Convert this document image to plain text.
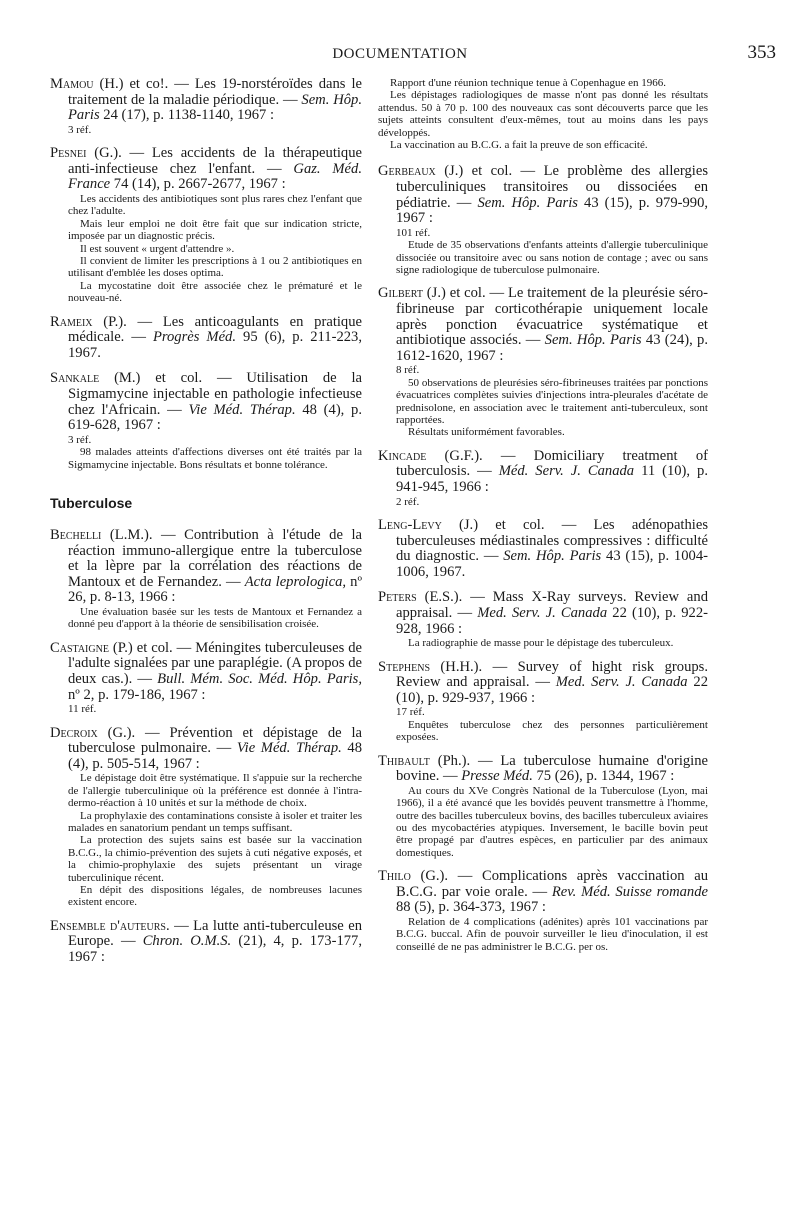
DOCUMENTATION	353
Mamou (H.) et co!. — Les 19-norstéroïdes dans le traitement de la maladie périodique. — Sem. Hôp. Paris 24 (17), p. 1138-1140, 1967 :

3 réf.

Pesnei (G.). — Les accidents de la thérapeutique anti-infectieuse chez l'enfant. — Gaz. Méd. France 74 (14), p. 2667-2677, 1967 :

Les accidents des antibiotiques sont plus rares chez l'enfant que chez l'adulte.

Mais leur emploi ne doit être fait que sur indication stricte, imposée par un diagnostic précis.

Il est souvent « urgent d'attendre ».

Il convient de limiter les prescriptions à 1 ou 2 antibiotiques en utilisant d'emblée les doses optima.

La mycostatine doit être associée chez le prématuré et le nouveau-né.

Rameix (P.). — Les anticoagulants en pratique médicale. — Progrès Méd. 95 (6), p. 211-223, 1967.
Sankale (M.) et col. — Utilisation de la Sigmamycine injectable en pathologie infectieuse chez l'Africain. — Vie Méd. Thérap. 48 (4), p. 619-628, 1967 :

3 réf.

98 malades atteints d'affections diverses ont été traités par la Sigmamycine injectable. Bons résultats et bonne tolérance.

Tuberculose
Bechelli (L.M.). — Contribution à l'étude de la réaction immuno-allergique entre la tuberculose et la lèpre par la corrélation des réactions de Mantoux et de Fernandez. — Acta leprologica, nº 26, p. 8-13, 1966 :

Une évaluation basée sur les tests de Mantoux et Fernandez a donné peu d'apport à la théorie de sensibilisation croisée.

Castaigne (P.) et col. — Méningites tuberculeuses de l'adulte signalées par une paraplégie. (A propos de deux cas.). — Bull. Mém. Soc. Méd. Hôp. Paris, nº 2, p. 179-186, 1967 :

11 réf.

Decroix (G.). — Prévention et dépistage de la tuberculose pulmonaire. — Vie Méd. Thérap. 48 (4), p. 505-514, 1967 :

Le dépistage doit être systématique. Il s'appuie sur la recherche de l'allergie tuberculinique où la préférence est donnée à l'intra-dermo-réaction à 10 unités et sur la méthode de choix.

La prophylaxie des contaminations consiste à isoler et traiter les malades en sanatorium pendant un temps suffisant.

La protection des sujets sains est basée sur la vaccination B.C.G., la chimio-prévention des sujets à cuti négative exposés, et la chimio-prophylaxie des sujets présentant un virage tuberculinique récent.

En dépit des dispositions légales, de nombreuses lacunes existent encore.

Ensemble d'auteurs. — La lutte anti-tuberculeuse en Europe. — Chron. O.M.S. (21), 4, p. 173-177, 1967 :

Rapport d'une réunion technique tenue à Copenhague en 1966.

Les dépistages radiologiques de masse n'ont pas donné les résultats attendus. 50 à 70 p. 100 des nouveaux cas sont découverts parce que les sujets atteints consultent d'eux-mêmes, tout au moins dans les pays développés.

La vaccination au B.C.G. a fait la preuve de son efficacité.

Gerbeaux (J.) et col. — Le problème des allergies tuberculiniques transitoires ou dissociées en pédiatrie. — Sem. Hôp. Paris 43 (15), p. 979-990, 1967 :

101 réf.

Etude de 35 observations d'enfants atteints d'allergie tuberculinique dissociée ou transitoire avec ou sans notion de contage ; avec ou sans signe radiologique de tuberculose pulmonaire.

Gilbert (J.) et col. — Le traitement de la pleurésie séro-fibrineuse par corticothérapie uniquement locale après ponction évacuatrice systématique et antibiotique associés. — Sem. Hôp. Paris 43 (24), p. 1612-1620, 1967 :

8 réf.

50 observations de pleurésies séro-fibrineuses traitées par ponctions évacuatrices complètes suivies d'injections intra-pleurales d'acétate de prednisolone, en association avec le traitement anti-tuberculeux, sont rapportées.

Résultats uniformément favorables.

Kincade (G.F.). — Domiciliary treatment of tuberculosis. — Méd. Serv. J. Canada 11 (10), p. 941-945, 1966 :

2 réf.

Leng-Levy (J.) et col. — Les adénopathies tuberculeuses médiastinales compressives : difficulté du diagnostic. — Sem. Hôp. Paris 43 (15), p. 1004-1006, 1967.
Peters (E.S.). — Mass X-Ray surveys. Review and appraisal. — Med. Serv. J. Canada 22 (10), p. 922-928, 1966 :

La radiographie de masse pour le dépistage des tuberculeux.

Stephens (H.H.). — Survey of hight risk groups. Review and appraisal. — Med. Serv. J. Canada 22 (10), p. 929-937, 1966 :

17 réf.

Enquêtes tuberculose chez des personnes particulièrement exposées.

Thibault (Ph.). — La tuberculose humaine d'origine bovine. — Presse Méd. 75 (26), p. 1344, 1967 :

Au cours du XVe Congrès National de la Tuberculose (Lyon, mai 1966), il a été avancé que les bovidés peuvent transmettre à l'homme, outre des bacilles tuberculeux bovins, des bacilles tuberculeux aviaires ou des mycobactéries atypiques. Inversement, le bacille bovin peut être propagé par d'autres espèces, en particulier par des animaux domestiques.

Thilo (G.). — Complications après vaccination au B.C.G. par voie orale. — Rev. Méd. Suisse romande 88 (5), p. 364-373, 1967 :

Relation de 4 complications (adénites) après 101 vaccinations par B.C.G. buccal. Afin de pouvoir surveiller le lieu d'inoculation, il est conseillé de ne pas administrer le B.C.G. per os.
